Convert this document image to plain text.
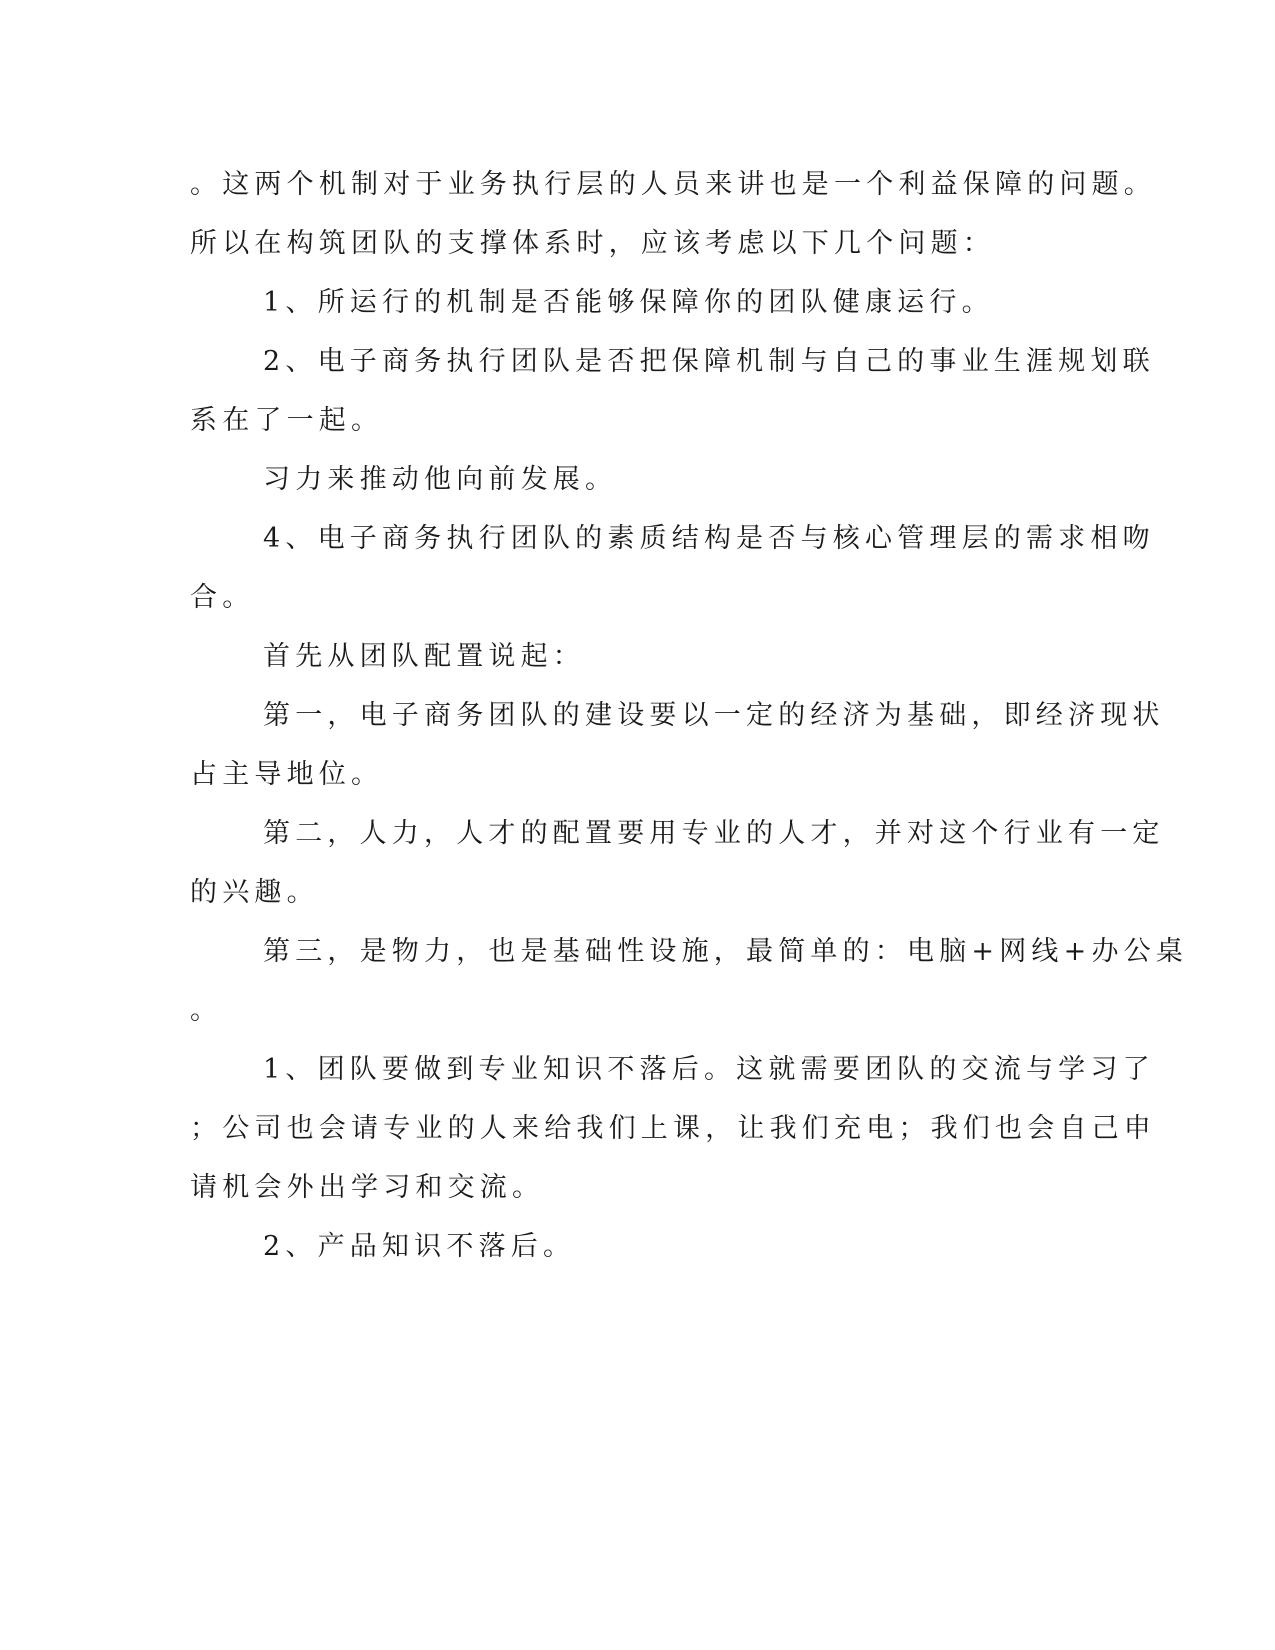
。这两个机制对于业务执行层的人员来讲也是一个利益保障的问题。
所以在构筑团队的支撑体系时，应该考虑以下几个问题：
1、所运行的机制是否能够保障你的团队健康运行。
2、电子商务执行团队是否把保障机制与自己的事业生涯规划联
系在了一起。
习力来推动他向前发展。
4、电子商务执行团队的素质结构是否与核心管理层的需求相吻
合。
首先从团队配置说起：
第一，电子商务团队的建设要以一定的经济为基础，即经济现状
占主导地位。
第二，人力，人才的配置要用专业的人才，并对这个行业有一定
的兴趣。
第三，是物力，也是基础性设施，最简单的：电脑+网线+办公桌
。
1、团队要做到专业知识不落后。这就需要团队的交流与学习了
；公司也会请专业的人来给我们上课，让我们充电；我们也会自己申
请机会外出学习和交流。
2、产品知识不落后。
